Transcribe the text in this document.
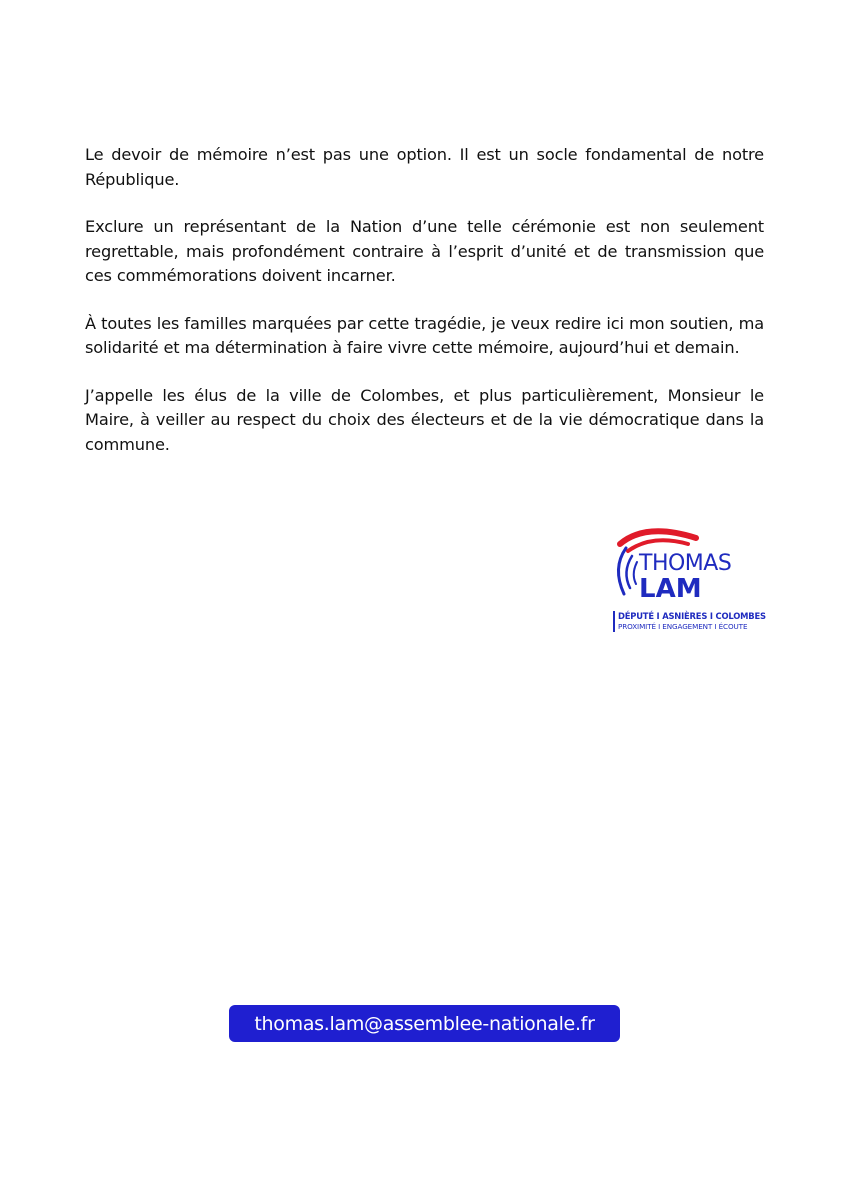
Le devoir de mémoire n’est pas une option. Il est un socle fondamental de notre République.

Exclure un représentant de la Nation d’une telle cérémonie est non seulement regrettable, mais profondément contraire à l’esprit d’unité et de transmission que ces commémorations doivent incarner.

À toutes les familles marquées par cette tragédie, je veux redire ici mon soutien, ma solidarité et ma détermination à faire vivre cette mémoire, aujourd’hui et demain.

J’appelle les élus de la ville de Colombes, et plus particulièrement, Monsieur le Maire, à veiller au respect du choix des électeurs et de la vie démocratique dans la commune.

THOMAS
LAM
DÉPUTÉ I ASNIÈRES I COLOMBES
PROXIMITÉ I ENGAGEMENT I ÉCOUTE
thomas.lam@assemblee-nationale.fr
